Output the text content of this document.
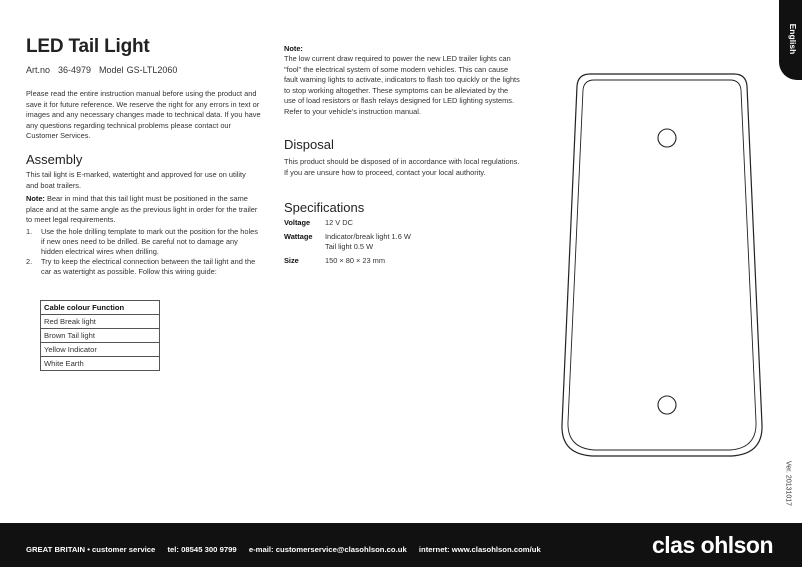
LED Tail Light
Art.no 36-4979 Model GS-LTL2060
Please read the entire instruction manual before using the product and save it for future reference. We reserve the right for any errors in text or images and any necessary changes made to technical data. If you have any questions regarding technical problems please contact our Customer Services.
Assembly
This tail light is E-marked, watertight and approved for use on utility and boat trailers.
Note: Bear in mind that this tail light must be positioned in the same place and at the same angle as the previous light in order for the trailer to meet legal requirements.
1. Use the hole drilling template to mark out the position for the holes if new ones need to be drilled. Be careful not to damage any hidden electrical wires when drilling.
2. Try to keep the electrical connection between the tail light and the car as watertight as possible. Follow this wiring guide:
Cable colour Function	
Red Break light	
Brown Tail light	
Yellow Indicator	
White Earth	
Note:
The low current draw required to power the new LED trailer lights can "fool" the electrical system of some modern vehicles. This can cause fault warning lights to activate, indicators to flash too quickly or the lights to stop working altogether. These symptoms can be alleviated by the use of load resistors or flash relays designed for LED lighting systems. Refer to your vehicle's instruction manual.
Disposal
This product should be disposed of in accordance with local regulations. If you are unsure how to proceed, contact your local authority.
Specifications
Voltage 12 V DC
Wattage Indicator/break light 1.6 W
Tail light 0.5 W
Size	150 × 80 × 23 mm
English
Ver. 20131017
GREAT BRITAIN • customer service tel: 08545 300 9799 e-mail: customerservice@clasohlson.co.uk internet: www.clasohlson.com/uk	clas ohlson
